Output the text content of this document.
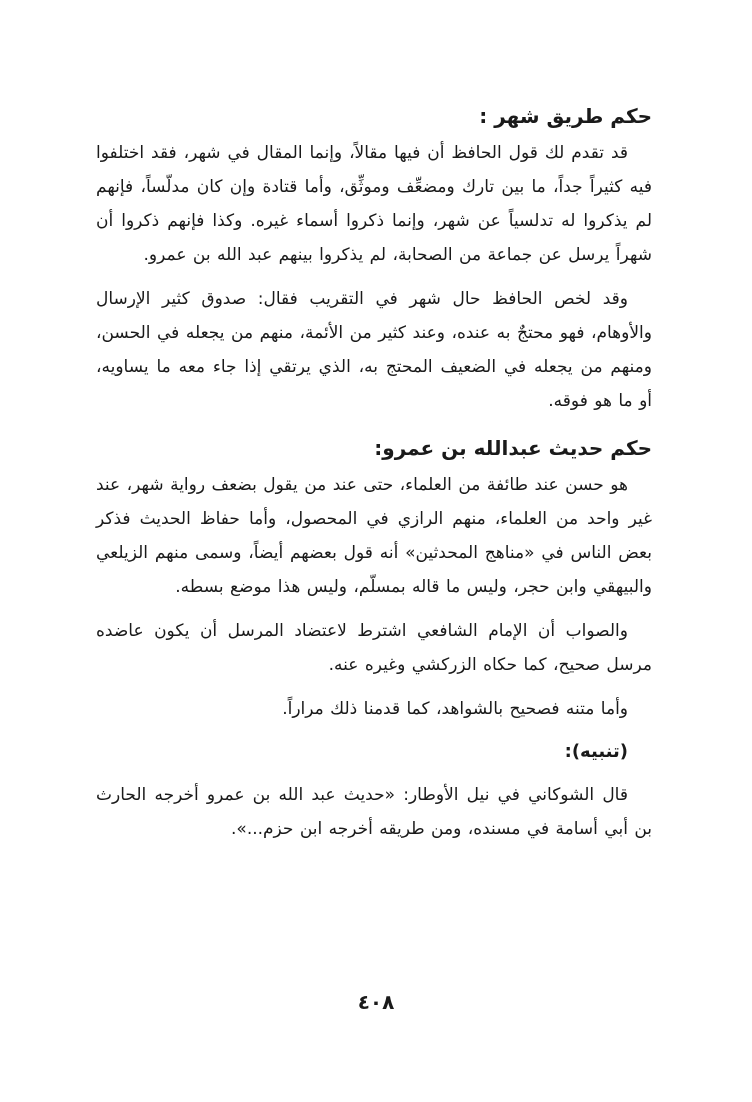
حكم طريق شهر :

قد تقدم لك قول الحافظ أن فيها مقالاً، وإنما المقال في شهر، فقد اختلفوا فيه كثيراً جداً، ما بين تارك ومضعِّف وموثِّق، وأما قتادة وإن كان مدلّساً، فإنهم لم يذكروا له تدلسياً عن شهر، وإنما ذكروا أسماء غيره. وكذا فإنهم ذكروا أن شهراً يرسل عن جماعة من الصحابة، لم يذكروا بينهم عبد الله بن عمرو.

وقد لخص الحافظ حال شهر في التقريب فقال: صدوق كثير الإرسال والأوهام، فهو محتجٌ به عنده، وعند كثير من الأئمة، منهم من يجعله في الحسن، ومنهم من يجعله في الضعيف المحتج به، الذي يرتقي إذا جاء معه ما يساويه، أو ما هو فوقه.

حكم حديث عبدالله بن عمرو:

هو حسن عند طائفة من العلماء، حتى عند من يقول بضعف رواية شهر، عند غير واحد من العلماء، منهم الرازي في المحصول، وأما حفاظ الحديث فذكر بعض الناس في «مناهج المحدثين» أنه قول بعضهم أيضاً، وسمى منهم الزيلعي والبيهقي وابن حجر، وليس ما قاله بمسلّم، وليس هذا موضع بسطه.

والصواب أن الإمام الشافعي اشترط لاعتضاد المرسل أن يكون عاضده مرسل صحيح، كما حكاه الزركشي وغيره عنه.

وأما متنه فصحيح بالشواهد، كما قدمنا ذلك مراراً.

(تنبيه):

قال الشوكاني في نيل الأوطار: «حديث عبد الله بن عمرو أخرجه الحارث بن أبي أسامة في مسنده، ومن طريقه أخرجه ابن حزم...».

٤٠٨
